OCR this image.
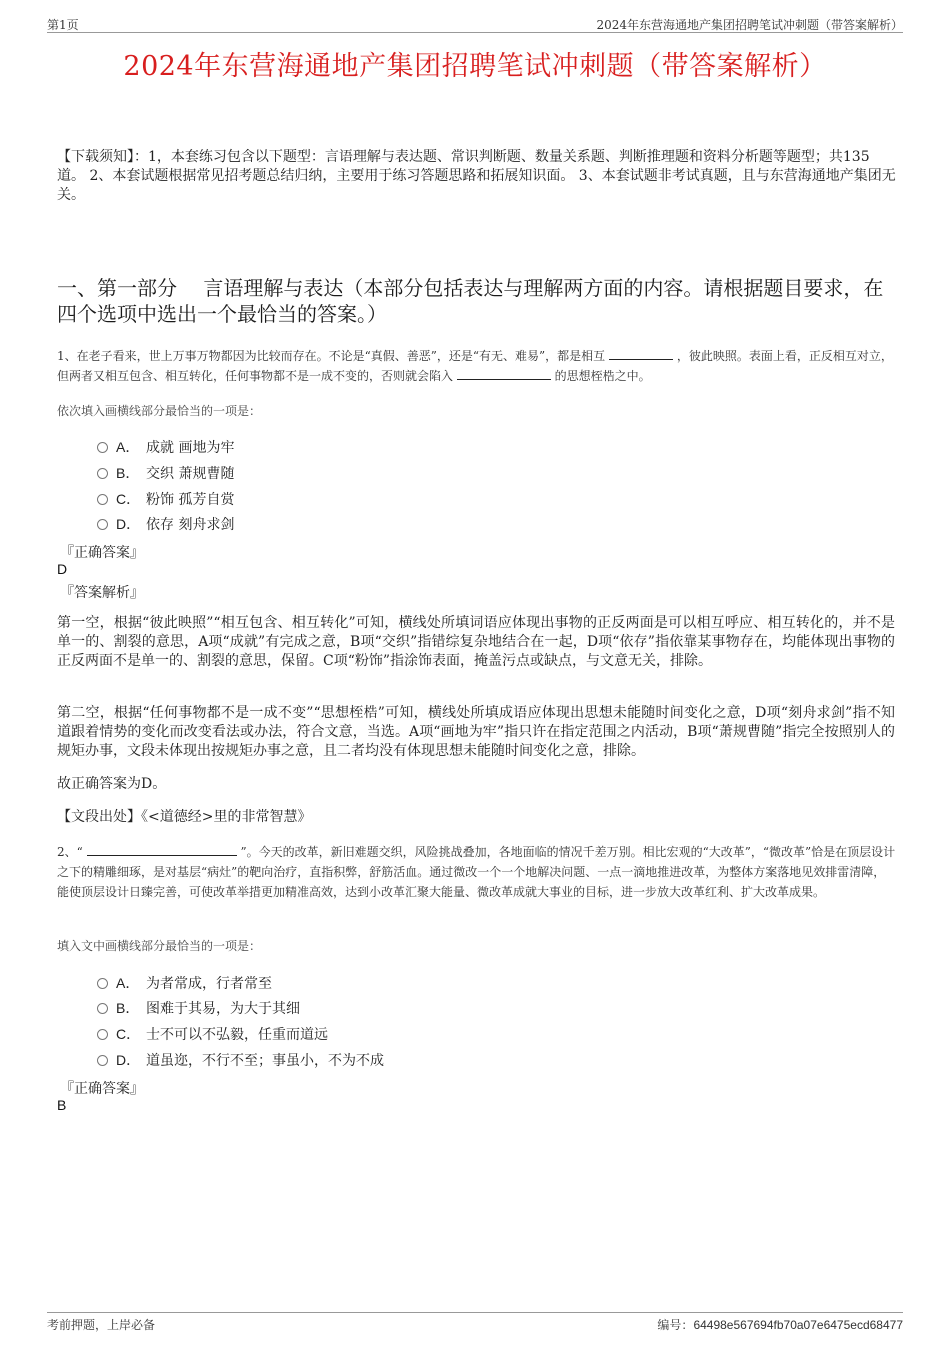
第1页	2024年东营海通地产集团招聘笔试冲刺题（带答案解析）
2024年东营海通地产集团招聘笔试冲刺题（带答案解析）
【下载须知】：1，本套练习包含以下题型：言语理解与表达题、常识判断题、数量关系题、判断推理题和资料分析题等题型；共135道。 2、本套试题根据常见招考题总结归纳，主要用于练习答题思路和拓展知识面。 3、本套试题非考试真题，且与东营海通地产集团无关。
一、第一部分　 言语理解与表达（本部分包括表达与理解两方面的内容。请根据题目要求，在四个选项中选出一个最恰当的答案。）
1、在老子看来，世上万事万物都因为比较而存在。不论是“真假、善恶”，还是“有无、难易”，都是相互	，彼此映照。表面上看，正反相互对立，但两者又相互包含、相互转化，任何事物都不是一成不变的，否则就会陷入	的思想桎梏之中。
依次填入画横线部分最恰当的一项是：
A． 成就 画地为牢
B． 交织 萧规曹随
C． 粉饰 孤芳自赏
D． 依存 刻舟求剑
『正确答案』
D
『答案解析』
第一空，根据“彼此映照”“相互包含、相互转化”可知，横线处所填词语应体现出事物的正反两面是可以相互呼应、相互转化的，并不是单一的、割裂的意思，A项“成就”有完成之意，B项“交织”指错综复杂地结合在一起，D项“依存”指依靠某事物存在，均能体现出事物的正反两面不是单一的、割裂的意思，保留。C项“粉饰”指涂饰表面，掩盖污点或缺点，与文意无关，排除。
第二空，根据“任何事物都不是一成不变”“思想桎梏”可知，横线处所填成语应体现出思想未能随时间变化之意，D项“刻舟求剑”指不知道跟着情势的变化而改变看法或办法，符合文意，当选。A项“画地为牢”指只许在指定范围之内活动，B项“萧规曹随”指完全按照别人的规矩办事，文段未体现出按规矩办事之意，且二者均没有体现思想未能随时间变化之意，排除。
故正确答案为D。
【文段出处】《<道德经>里的非常智慧》
2、“	”。今天的改革，新旧难题交织，风险挑战叠加，各地面临的情况千差万别。相比宏观的“大改革”，“微改革”恰是在顶层设计之下的精雕细琢，是对基层“病灶”的靶向治疗，直指积弊，舒筋活血。通过微改一个一个地解决问题、一点一滴地推进改革，为整体方案落地见效排雷清障，能使顶层设计日臻完善，可使改革举措更加精准高效，达到小改革汇聚大能量、微改革成就大事业的目标，进一步放大改革红利、扩大改革成果。
填入文中画横线部分最恰当的一项是：
A． 为者常成，行者常至
B． 图难于其易，为大于其细
C． 士不可以不弘毅，任重而道远
D． 道虽迩，不行不至；事虽小，不为不成
『正确答案』
B
考前押题，上岸必备	编号：64498e567694fb70a07e6475ecd68477
